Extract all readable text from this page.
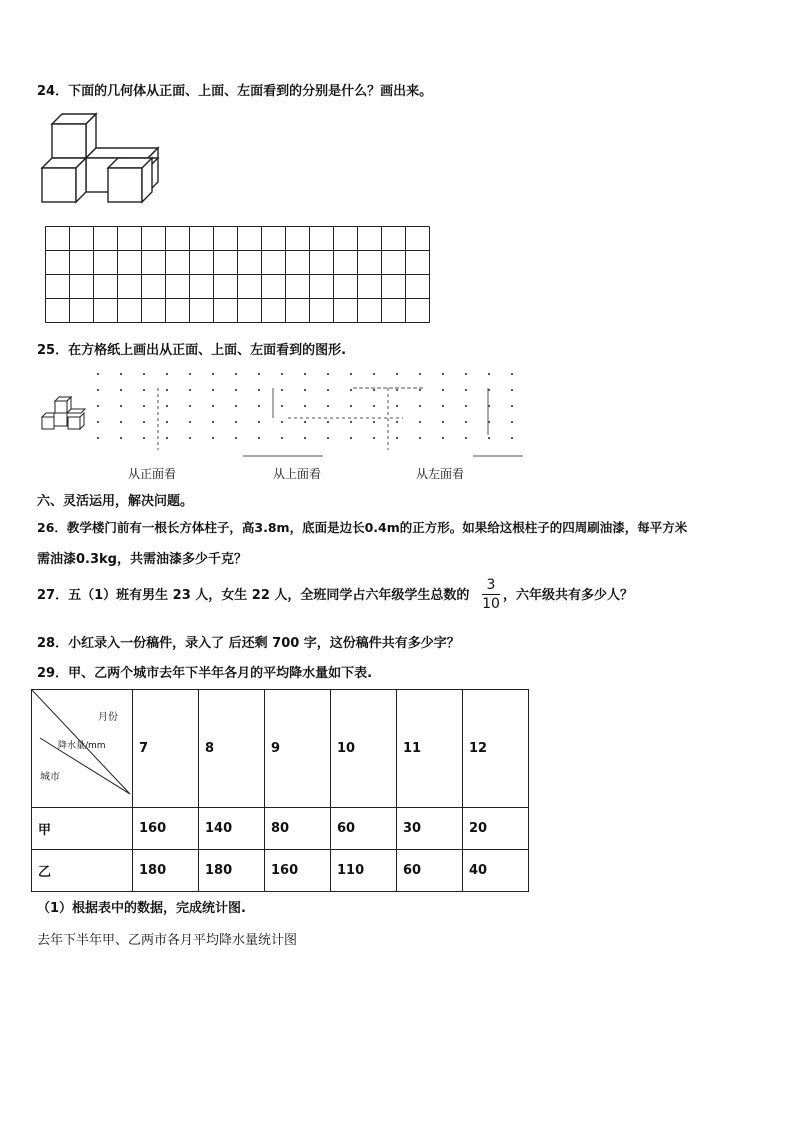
24．下面的几何体从正面、上面、左面看到的分别是什么？画出来。
25．在方格纸上画出从正面、上面、左面看到的图形.
从正面看	从上面看	从左面看
六、灵活运用，解决问题。
26．教学楼门前有一根长方体柱子，高3.8m，底面是边长0.4m的正方形。如果给这根柱子的四周刷油漆，每平方米
需油漆0.3kg，共需油漆多少千克？
27．五（1）班有男生 23 人，女生 22 人，全班同学占六年级学生总数的 $\frac{3}{10}$ ，六年级共有多少人？
28．小红录入一份稿件，录入了 后还剩 700 字，这份稿件共有多少字？
29．甲、乙两个城市去年下半年各月的平均降水量如下表.
月份
降水量/mm
城市	7	8	9	10	11	12
甲	160	140	80	60	30	20
乙	180	180	160	110	60	40
（1）根据表中的数据，完成统计图.
去年下半年甲、乙两市各月平均降水量统计图
